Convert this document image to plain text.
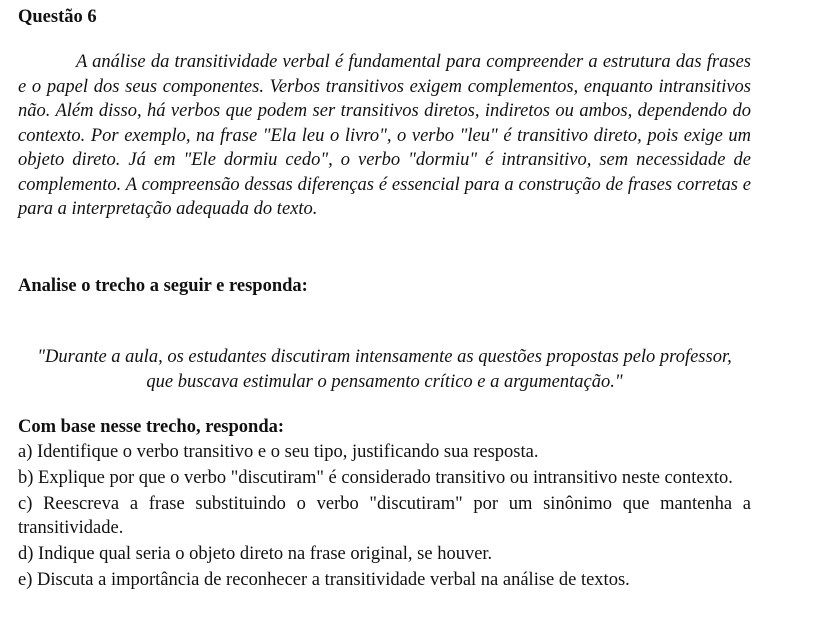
Questão 6

A análise da transitividade verbal é fundamental para compreender a estrutura das frases e o papel dos seus componentes. Verbos transitivos exigem complementos, enquanto intransitivos não. Além disso, há verbos que podem ser transitivos diretos, indiretos ou ambos, dependendo do contexto. Por exemplo, na frase "Ela leu o livro", o verbo "leu" é transitivo direto, pois exige um objeto direto. Já em "Ele dormiu cedo", o verbo "dormiu" é intransitivo, sem necessidade de complemento. A compreensão dessas diferenças é essencial para a construção de frases corretas e para a interpretação adequada do texto.

Analise o trecho a seguir e responda:

"Durante a aula, os estudantes discutiram intensamente as questões propostas pelo professor,
que buscava estimular o pensamento crítico e a argumentação."

Com base nesse trecho, responda:
a) Identifique o verbo transitivo e o seu tipo, justificando sua resposta.
b) Explique por que o verbo "discutiram" é considerado transitivo ou intransitivo neste contexto.
c) Reescreva a frase substituindo o verbo "discutiram" por um sinônimo que mantenha a transitividade.
d) Indique qual seria o objeto direto na frase original, se houver.
e) Discuta a importância de reconhecer a transitividade verbal na análise de textos.
